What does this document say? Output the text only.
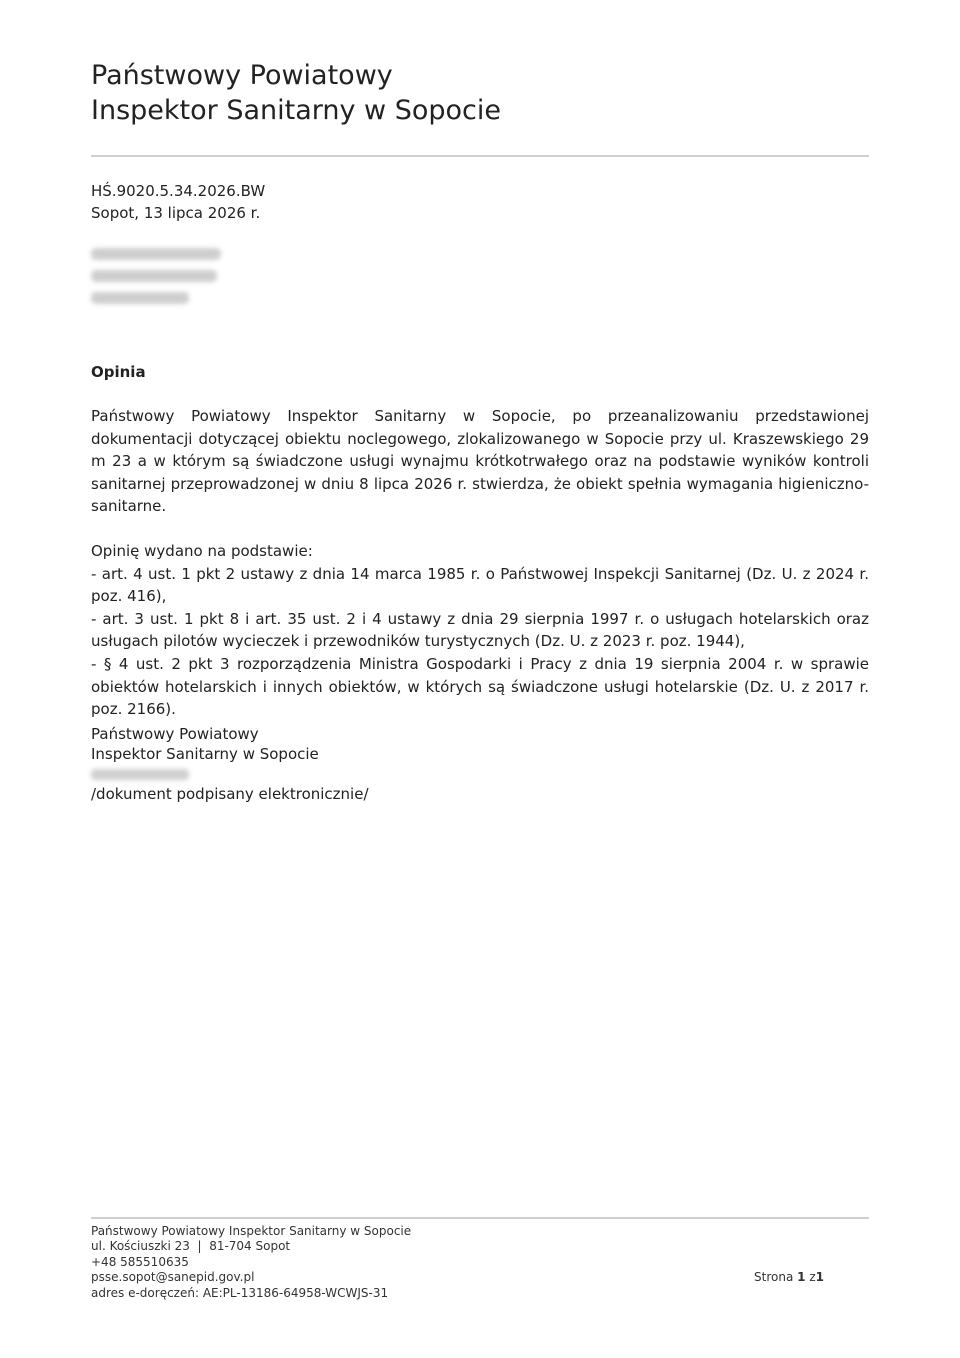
Państwowy Powiatowy
Inspektor Sanitarny w Sopocie
HŚ.9020.5.34.2026.BW
Sopot, 13 lipca 2026 r.
Opinia

Państwowy Powiatowy Inspektor Sanitarny w Sopocie, po przeanalizowaniu przedstawionej dokumentacji dotyczącej obiektu noclegowego, zlokalizowanego w Sopocie przy ul. Kraszewskiego 29 m 23 a w którym są świadczone usługi wynajmu krótkotrwałego oraz na podstawie wyników kontroli sanitarnej przeprowadzonej w dniu 8 lipca 2026 r. stwierdza, że obiekt spełnia wymagania higieniczno-sanitarne.

Opinię wydano na podstawie:

- art. 4 ust. 1 pkt 2 ustawy z dnia 14 marca 1985 r. o Państwowej Inspekcji Sanitarnej (Dz. U. z 2024 r. poz. 416),

- art. 3 ust. 1 pkt 8 i art. 35 ust. 2 i 4 ustawy z dnia 29 sierpnia 1997 r. o usługach hotelarskich oraz usługach pilotów wycieczek i przewodników turystycznych (Dz. U. z 2023 r. poz. 1944),

- § 4 ust. 2 pkt 3 rozporządzenia Ministra Gospodarki i Pracy z dnia 19 sierpnia 2004 r. w sprawie obiektów hotelarskich i innych obiektów, w których są świadczone usługi hotelarskie (Dz. U. z 2017 r. poz. 2166).

Państwowy Powiatowy
Inspektor Sanitarny w Sopocie
/dokument podpisany elektronicznie/
Państwowy Powiatowy Inspektor Sanitarny w Sopocie
ul. Kościuszki 23  |  81-704 Sopot
+48 585510635
psse.sopot@sanepid.gov.pl
adres e-doręczeń: AE:PL-13186-64958-WCWJS-31
Strona 1 z1
